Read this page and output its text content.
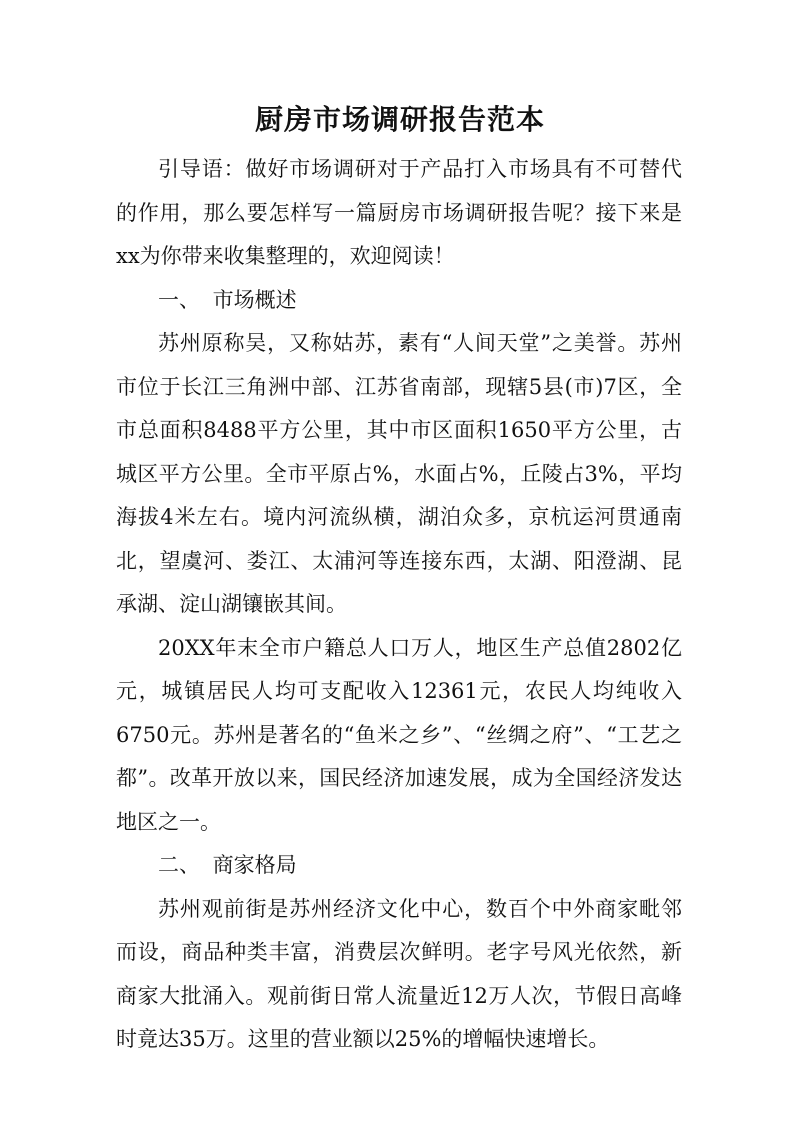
厨房市场调研报告范本

引导语：做好市场调研对于产品打入市场具有不可替代的作用，那么要怎样写一篇厨房市场调研报告呢？接下来是xx为你带来收集整理的，欢迎阅读！

一、 市场概述

苏州原称吴，又称姑苏，素有“人间天堂”之美誉。苏州市位于长江三角洲中部、江苏省南部，现辖5县(市)7区，全市总面积8488平方公里，其中市区面积1650平方公里，古城区平方公里。全市平原占%，水面占%，丘陵占3%，平均海拔4米左右。境内河流纵横，湖泊众多，京杭运河贯通南北，望虞河、娄江、太浦河等连接东西，太湖、阳澄湖、昆承湖、淀山湖镶嵌其间。

20XX年末全市户籍总人口万人，地区生产总值2802亿元，城镇居民人均可支配收入12361元，农民人均纯收入6750元。苏州是著名的“鱼米之乡”、“丝绸之府”、“工艺之都”。改革开放以来，国民经济加速发展，成为全国经济发达地区之一。

二、 商家格局

苏州观前街是苏州经济文化中心，数百个中外商家毗邻而设，商品种类丰富，消费层次鲜明。老字号风光依然，新商家大批涌入。观前街日常人流量近12万人次，节假日高峰时竟达35万。这里的营业额以25%的增幅快速增长。
